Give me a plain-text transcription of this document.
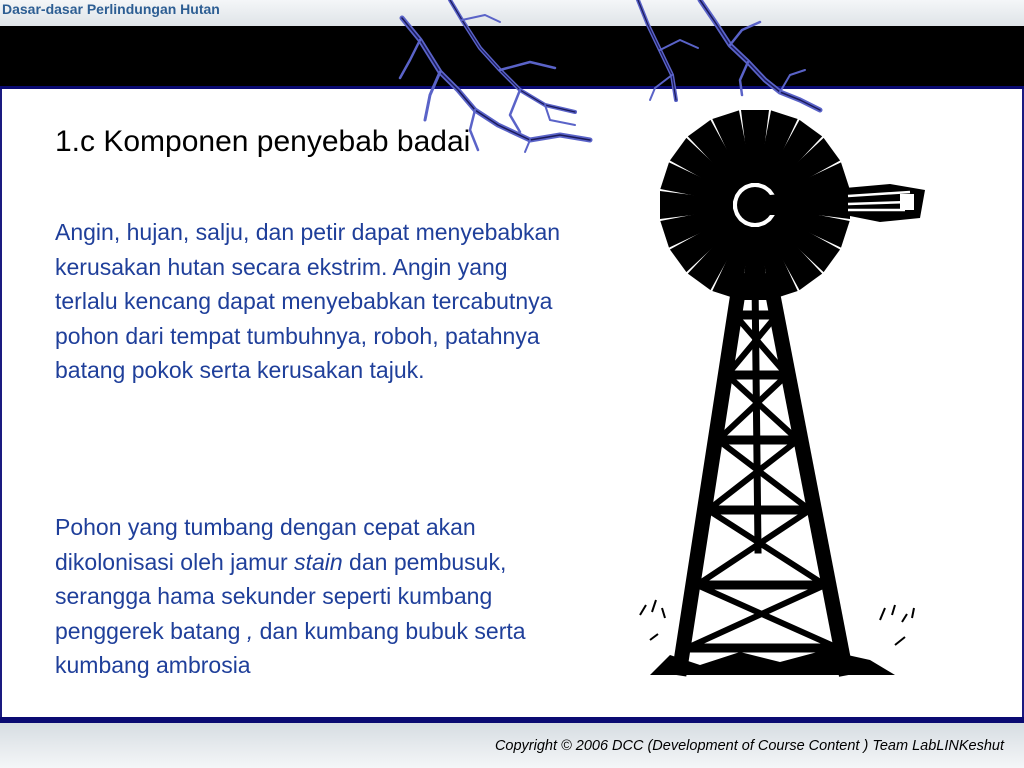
Dasar-dasar Perlindungan Hutan
1.c Komponen penyebab badai

Angin, hujan, salju, dan petir dapat menyebabkan kerusakan hutan secara ekstrim. Angin yang terlalu kencang dapat menyebabkan tercabutnya pohon dari tempat tumbuhnya, roboh, patahnya batang pokok serta kerusakan tajuk.

Pohon yang tumbang dengan cepat akan dikolonisasi oleh jamur stain dan pembusuk, serangga hama sekunder seperti kumbang penggerek batang , dan kumbang bubuk serta kumbang ambrosia

Copyright © 2006 DCC (Development of Course Content ) Team LabLINKeshut
